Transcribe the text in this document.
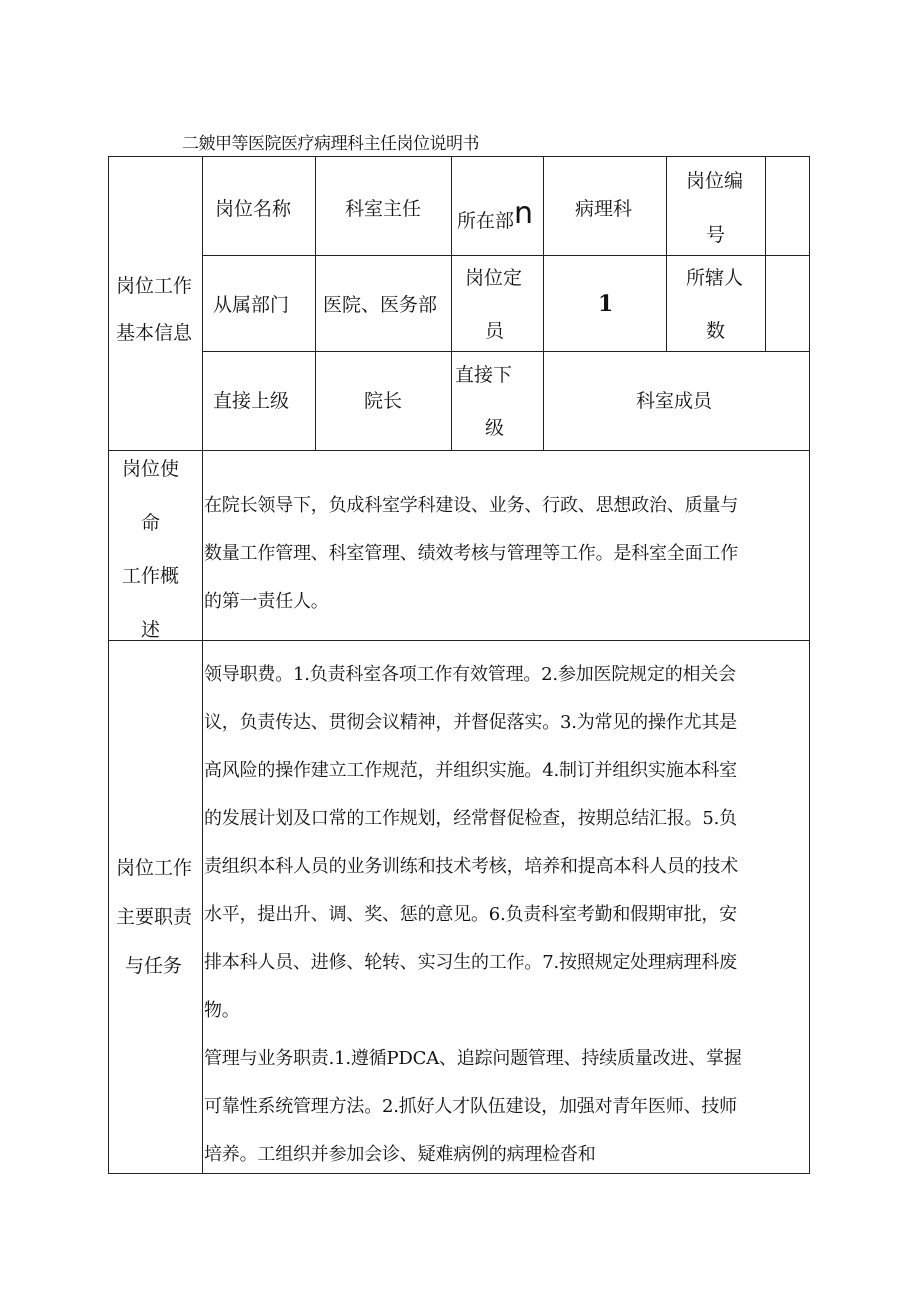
二皴甲等医院医疗病理科主任岗位说明书
岗位工作
基本信息
岗位名称	科室主任
所在部n 病理科
岗位编
号
从属部门 医院、医务部
岗位定
员
1
所辖人
数
直接上级	院长
直接下
级
科室成员
岗位使
命
工作概
述
在院长领导下，负成科室学科建设、业务、行政、思想政治、质量与
数量工作管理、科室管理、绩效考核与管理等工作。是科室全面工作
的第一责任人。
岗位工作
主要职责
与任务
领导职费。1.负责科室各项工作有效管理。2.参加医院规定的相关会
议，负责传达、贯彻会议精神，并督促落实。3.为常见的操作尤其是
高风险的操作建立工作规范，并组织实施。4.制订并组织实施本科室
的发展计划及口常的工作规划，经常督促检查，按期总结汇报。5.负
责组织本科人员的业务训练和技术考核，培养和提高本科人员的技术
水平，提出升、调、奖、惩的意见。6.负责科室考勤和假期审批，安
排本科人员、进修、轮转、实习生的工作。7.按照规定处理病理科废
物。
管理与业务职责.1.遵循PDCA、追踪问题管理、持续质量改进、掌握
可靠性系统管理方法。2.抓好人才队伍建设，加强对青年医师、技师
培养。工组织并参加会诊、疑难病例的病理检沓和
